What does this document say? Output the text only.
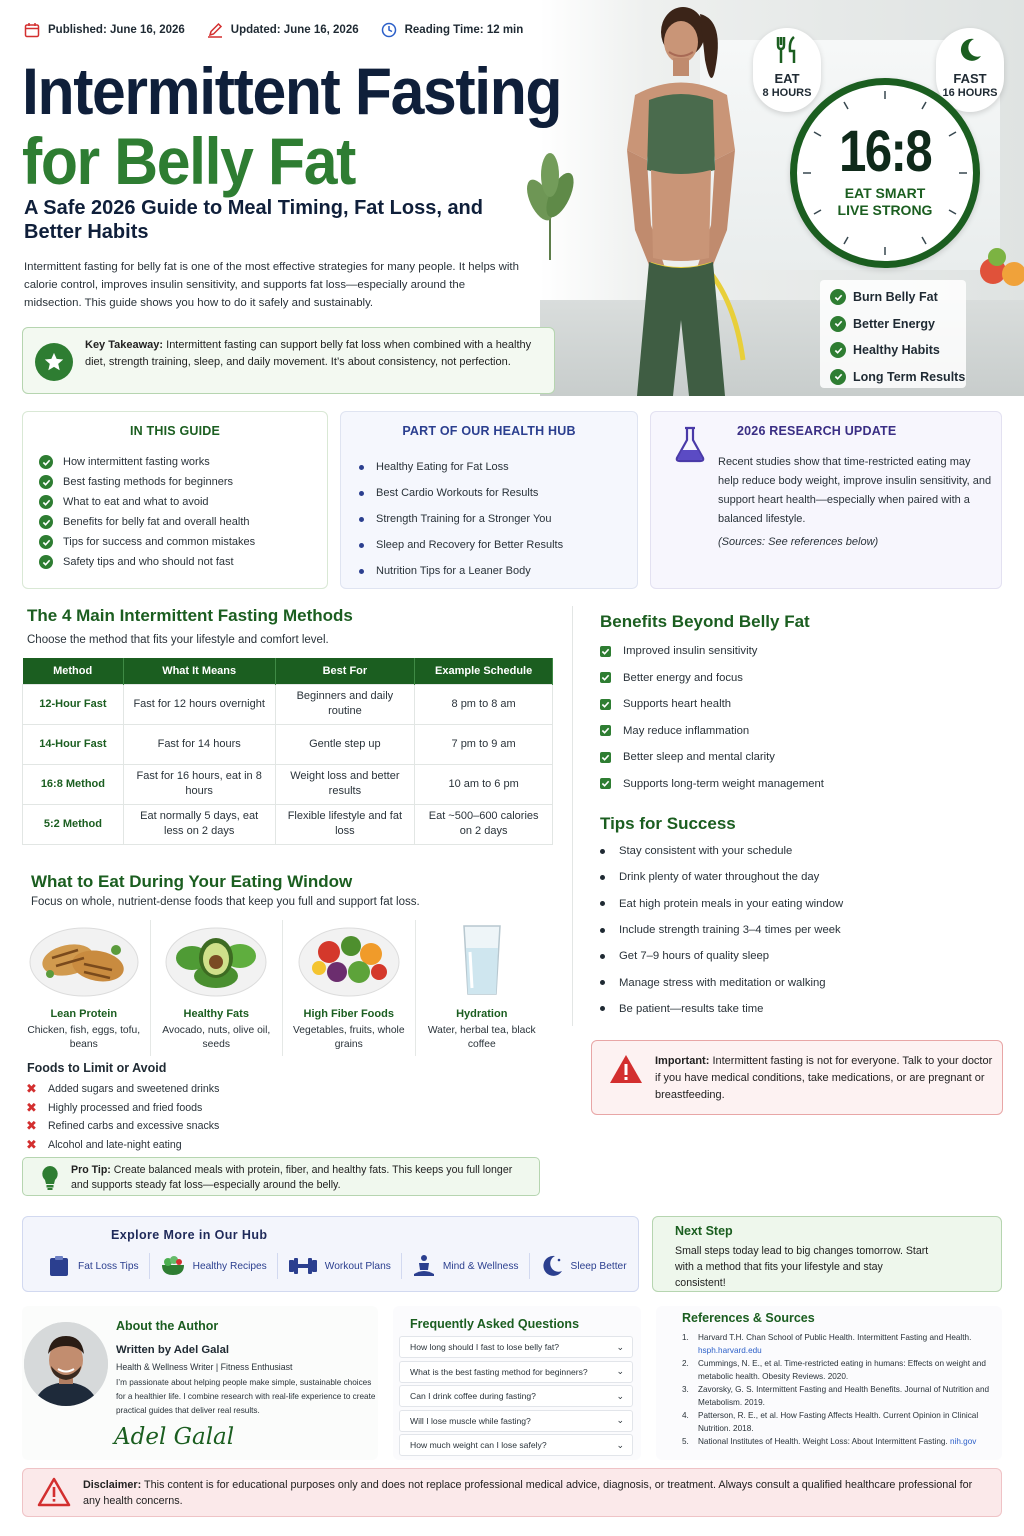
Published: June 16, 2026	Updated: June 16, 2026	Reading Time: 12 min
Intermittent Fasting
for Belly Fat
A Safe 2026 Guide to Meal Timing, Fat Loss, and Better Habits

Intermittent fasting for belly fat is one of the most effective strategies for many people. It helps with calorie control, improves insulin sensitivity, and supports fat loss—especially around the midsection. This guide shows you how to do it safely and sustainably.

Key Takeaway: Intermittent fasting can support belly fat loss when combined with a healthy diet, strength training, sleep, and daily movement. It’s about consistency, not perfection.
EAT
8 HOURS
FAST
16 HOURS
16:8
EAT SMART
LIVE STRONG
Burn Belly Fat
Better Energy
Healthy Habits
Long Term Results
IN THIS GUIDE
How intermittent fasting works
Best fasting methods for beginners
What to eat and what to avoid
Benefits for belly fat and overall health
Tips for success and common mistakes
Safety tips and who should not fast
PART OF OUR HEALTH HUB
Healthy Eating for Fat Loss
Best Cardio Workouts for Results
Strength Training for a Stronger You
Sleep and Recovery for Better Results
Nutrition Tips for a Leaner Body
2026 RESEARCH UPDATE

Recent studies show that time-restricted eating may help reduce body weight, improve insulin sensitivity, and support heart health—especially when paired with a balanced lifestyle.

(Sources: See references below)

The 4 Main Intermittent Fasting Methods
Choose the method that fits your lifestyle and comfort level.
Method	What It Means	Best For	Example Schedule
12-Hour Fast	Fast for 12 hours overnight	Beginners and daily routine	8 pm to 8 am
14-Hour Fast	Fast for 14 hours	Gentle step up	7 pm to 9 am
16:8 Method	Fast for 16 hours, eat in 8 hours	Weight loss and better results	10 am to 6 pm
5:2 Method	Eat normally 5 days, eat less on 2 days	Flexible lifestyle and fat loss	Eat ~500–600 calories on 2 days
What to Eat During Your Eating Window
Focus on whole, nutrient-dense foods that keep you full and support fat loss.
Lean Protein
Chicken, fish, eggs, tofu, beans
Healthy Fats
Avocado, nuts, olive oil, seeds
High Fiber Foods
Vegetables, fruits, whole grains
Hydration
Water, herbal tea, black coffee
Foods to Limit or Avoid
✖ Added sugars and sweetened drinks
✖ Highly processed and fried foods
✖ Refined carbs and excessive snacks
✖ Alcohol and late-night eating
Pro Tip: Create balanced meals with protein, fiber, and healthy fats. This keeps you full longer and supports steady fat loss—especially around the belly.
Benefits Beyond Belly Fat
Improved insulin sensitivity
Better energy and focus
Supports heart health
May reduce inflammation
Better sleep and mental clarity
Supports long-term weight management
Tips for Success
Stay consistent with your schedule
Drink plenty of water throughout the day
Eat high protein meals in your eating window
Include strength training 3–4 times per week
Get 7–9 hours of quality sleep
Manage stress with meditation or walking
Be patient—results take time
Important: Intermittent fasting is not for everyone. Talk to your doctor if you have medical conditions, take medications, or are pregnant or breastfeeding.
Explore More in Our Hub
Fat Loss Tips	Healthy Recipes	Workout Plans	Mind & Wellness	Sleep Better
Next Step
Small steps today lead to big changes tomorrow. Start with a method that fits your lifestyle and stay consistent!
About the Author
Written by Adel Galal
Health & Wellness Writer | Fitness Enthusiast
I’m passionate about helping people make simple, sustainable choices for a healthier life. I combine research with real-life experience to create practical guides that deliver real results.
Adel Galal
Frequently Asked Questions
How long should I fast to lose belly fat?	⌄
What is the best fasting method for beginners?	⌄
Can I drink coffee during fasting?	⌄
Will I lose muscle while fasting?	⌄
How much weight can I lose safely?	⌄
References & Sources
1. Harvard T.H. Chan School of Public Health. Intermittent Fasting and Health. hsph.harvard.edu
2. Cummings, N. E., et al. Time-restricted eating in humans: Effects on weight and metabolic health. Obesity Reviews. 2020.
3. Zavorsky, G. S. Intermittent Fasting and Health Benefits. Journal of Nutrition and Metabolism. 2019.
4. Patterson, R. E., et al. How Fasting Affects Health. Current Opinion in Clinical Nutrition. 2018.
5. National Institutes of Health. Weight Loss: About Intermittent Fasting. nih.gov
Disclaimer: This content is for educational purposes only and does not replace professional medical advice, diagnosis, or treatment. Always consult a qualified healthcare professional for any health concerns.
